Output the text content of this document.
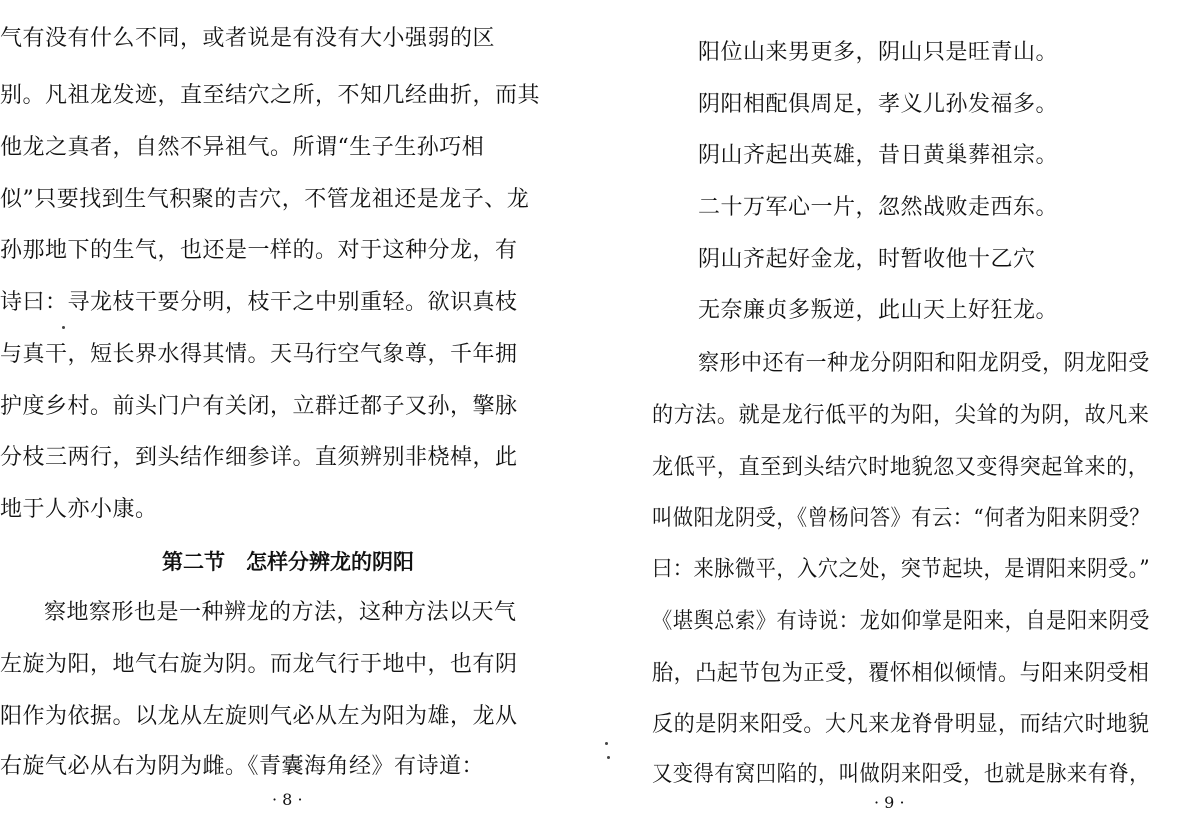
气有没有什么不同，或者说是有没有大小强弱的区
别。凡祖龙发迹，直至结穴之所，不知几经曲折，而其
他龙之真者，自然不异祖气。所谓“生子生孙巧相
似”只要找到生气积聚的吉穴，不管龙祖还是龙子、龙
孙那地下的生气，也还是一样的。对于这种分龙，有
诗曰：寻龙枝干要分明，枝干之中别重轻。欲识真枝
与真干，短长界水得其情。天马行空气象尊，千年拥
护度乡村。前头门户有关闭，立群迁都子又孙，擎脉
分枝三两行，到头结作细参详。直须辨别非桡棹，此
地于人亦小康。
第二节　怎样分辨龙的阴阳
察地察形也是一种辨龙的方法，这种方法以天气
左旋为阳，地气右旋为阴。而龙气行于地中，也有阴
阳作为依据。以龙从左旋则气必从左为阳为雄，龙从
右旋气必从右为阴为雌。《青囊海角经》有诗道：
· 8 ·
阳位山来男更多，阴山只是旺青山。
阴阳相配俱周足，孝义儿孙发福多。
阴山齐起出英雄，昔日黄巢葬祖宗。
二十万军心一片，忽然战败走西东。
阴山齐起好金龙，时暂收他十乙穴
无奈廉贞多叛逆，此山天上好狂龙。
察形中还有一种龙分阴阳和阳龙阴受，阴龙阳受
的方法。就是龙行低平的为阳，尖耸的为阴，故凡来
龙低平，直至到头结穴时地貌忽又变得突起耸来的，
叫做阳龙阴受，《曾杨问答》有云：“何者为阳来阴受？
曰：来脉微平，入穴之处，突节起块，是谓阳来阴受。”
《堪舆总索》有诗说：龙如仰掌是阳来，自是阳来阴受
胎，凸起节包为正受，覆怀相似倾情。与阳来阴受相
反的是阴来阳受。大凡来龙脊骨明显，而结穴时地貌
又变得有窝凹陷的，叫做阴来阳受，也就是脉来有脊，
· 9 ·
